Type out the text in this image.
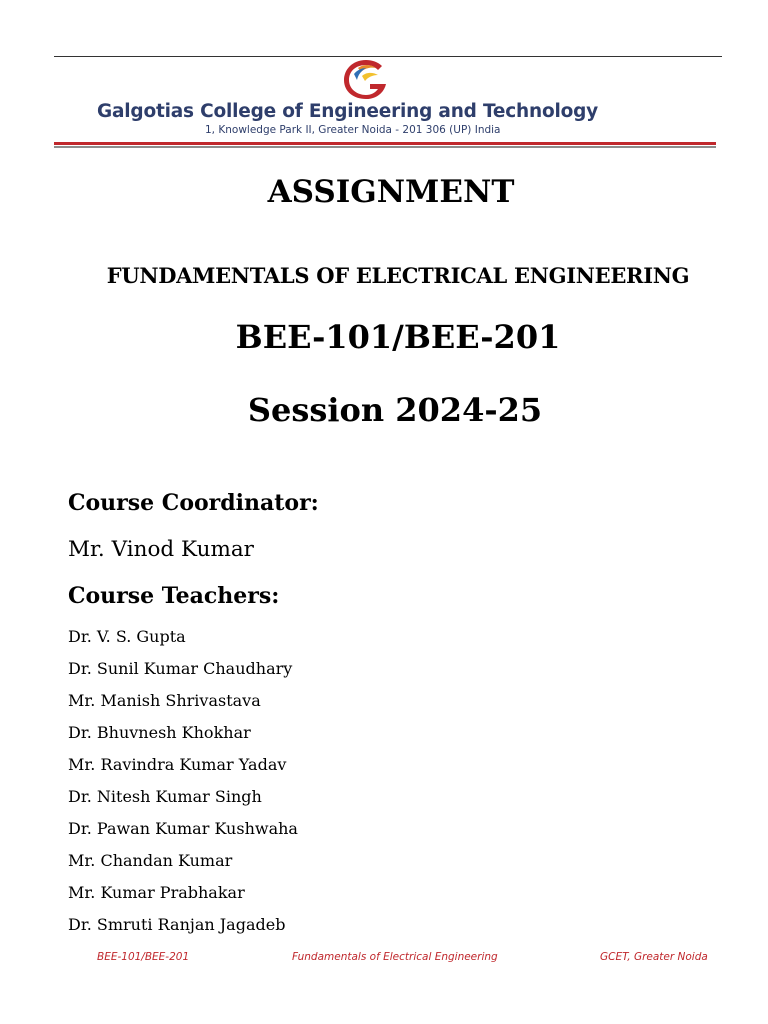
Galgotias College of Engineering and Technology
1, Knowledge Park II, Greater Noida - 201 306 (UP) India
ASSIGNMENT
FUNDAMENTALS OF ELECTRICAL ENGINEERING
BEE-101/BEE-201
Session 2024-25
Course Coordinator:
Mr. Vinod Kumar
Course Teachers:
Dr. V. S. Gupta
Dr. Sunil Kumar Chaudhary
Mr. Manish Shrivastava
Dr. Bhuvnesh Khokhar
Mr. Ravindra Kumar Yadav
Dr. Nitesh Kumar Singh
Dr. Pawan Kumar Kushwaha
Mr. Chandan Kumar
Mr. Kumar Prabhakar
Dr. Smruti Ranjan Jagadeb
BEE-101/BEE-201	Fundamentals of Electrical Engineering	GCET, Greater Noida
